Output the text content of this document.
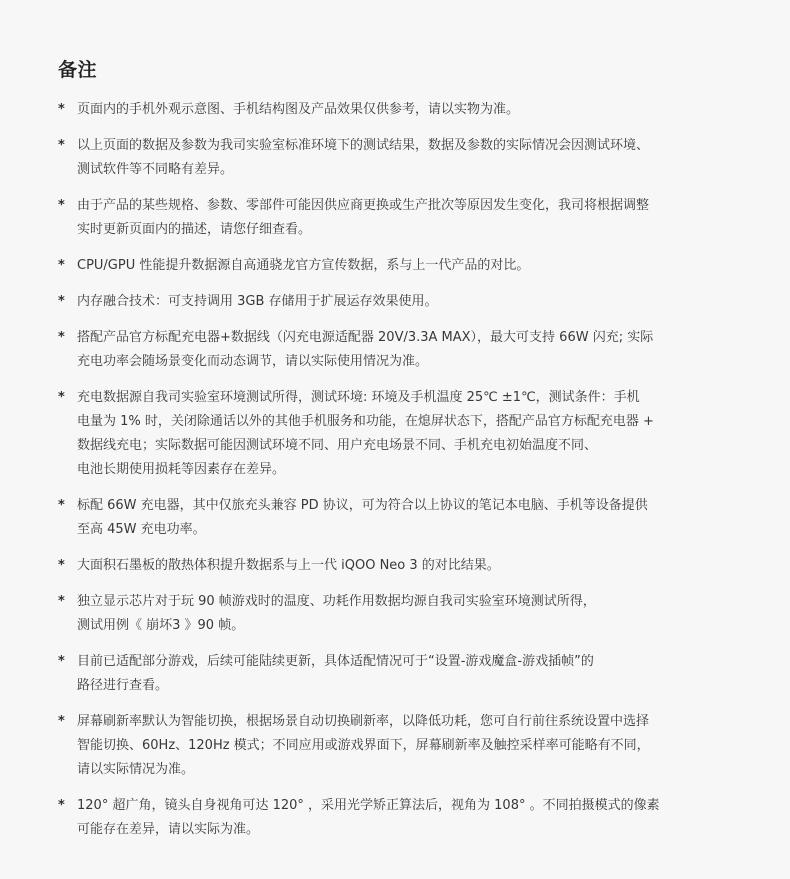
备注
* 页面内的手机外观示意图、手机结构图及产品效果仅供参考，请以实物为准。
* 以上页面的数据及参数为我司实验室标准环境下的测试结果，数据及参数的实际情况会因测试环境、
测试软件等不同略有差异。
* 由于产品的某些规格、参数、零部件可能因供应商更换或生产批次等原因发生变化，我司将根据调整
实时更新页面内的描述，请您仔细查看。
* CPU/GPU 性能提升数据源自高通骁龙官方宣传数据，系与上一代产品的对比。
* 内存融合技术：可支持调用 3GB 存储用于扩展运存效果使用。
* 搭配产品官方标配充电器+数据线（闪充电源适配器 20V/3.3A MAX），最大可支持 66W 闪充; 实际
充电功率会随场景变化而动态调节，请以实际使用情况为准。
* 充电数据源自我司实验室环境测试所得，测试环境: 环境及手机温度 25℃ ±1℃，测试条件：手机
电量为 1% 时，关闭除通话以外的其他手机服务和功能，在熄屏状态下，搭配产品官方标配充电器 +
数据线充电；实际数据可能因测试环境不同、用户充电场景不同、手机充电初始温度不同、
电池长期使用损耗等因素存在差异。
* 标配 66W 充电器，其中仅旅充头兼容 PD 协议，可为符合以上协议的笔记本电脑、手机等设备提供
至高 45W 充电功率。
* 大面积石墨板的散热体积提升数据系与上一代 iQOO Neo 3 的对比结果。
* 独立显示芯片对于玩 90 帧游戏时的温度、功耗作用数据均源自我司实验室环境测试所得，
测试用例《 崩坏3 》90 帧。
* 目前已适配部分游戏，后续可能陆续更新，具体适配情况可于“设置-游戏魔盒-游戏插帧”的
路径进行查看。
* 屏幕刷新率默认为智能切换，根据场景自动切换刷新率，以降低功耗，您可自行前往系统设置中选择
智能切换、60Hz、120Hz 模式；不同应用或游戏界面下，屏幕刷新率及触控采样率可能略有不同，
请以实际情况为准。
* 120° 超广角，镜头自身视角可达 120° ，采用光学矫正算法后，视角为 108° 。不同拍摄模式的像素
可能存在差异，请以实际为准。
